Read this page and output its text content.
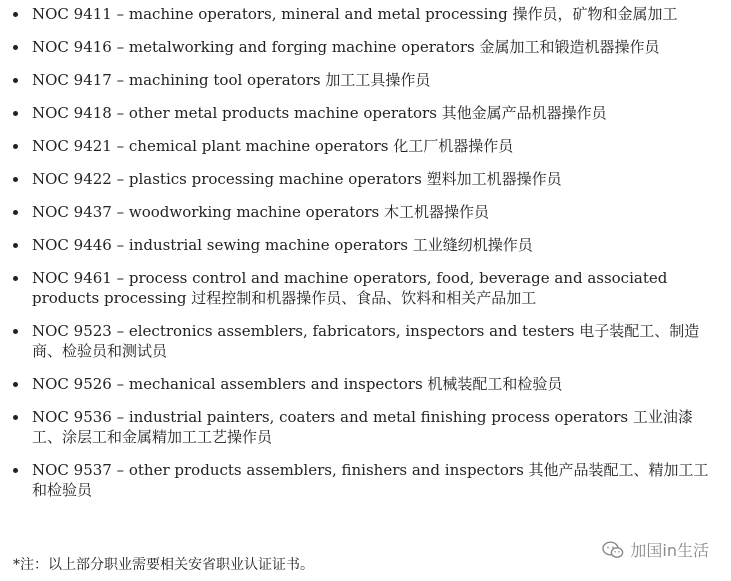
NOC 9411 – machine operators, mineral and metal processing 操作员，矿物和金属加工
NOC 9416 – metalworking and forging machine operators 金属加工和锻造机器操作员
NOC 9417 – machining tool operators 加工工具操作员
NOC 9418 – other metal products machine operators 其他金属产品机器操作员
NOC 9421 – chemical plant machine operators 化工厂机器操作员
NOC 9422 – plastics processing machine operators 塑料加工机器操作员
NOC 9437 – woodworking machine operators 木工机器操作员
NOC 9446 – industrial sewing machine operators 工业缝纫机操作员
NOC 9461 – process control and machine operators, food, beverage and associated products processing 过程控制和机器操作员、食品、饮料和相关产品加工
NOC 9523 – electronics assemblers, fabricators, inspectors and testers 电子装配工、制造商、检验员和测试员
NOC 9526 – mechanical assemblers and inspectors 机械装配工和检验员
NOC 9536 – industrial painters, coaters and metal finishing process operators 工业油漆工、涂层工和金属精加工工艺操作员
NOC 9537 – other products assemblers, finishers and inspectors 其他产品装配工、精加工工和检验员
*注：以上部分职业需要相关安省职业认证证书。
加国in生活
